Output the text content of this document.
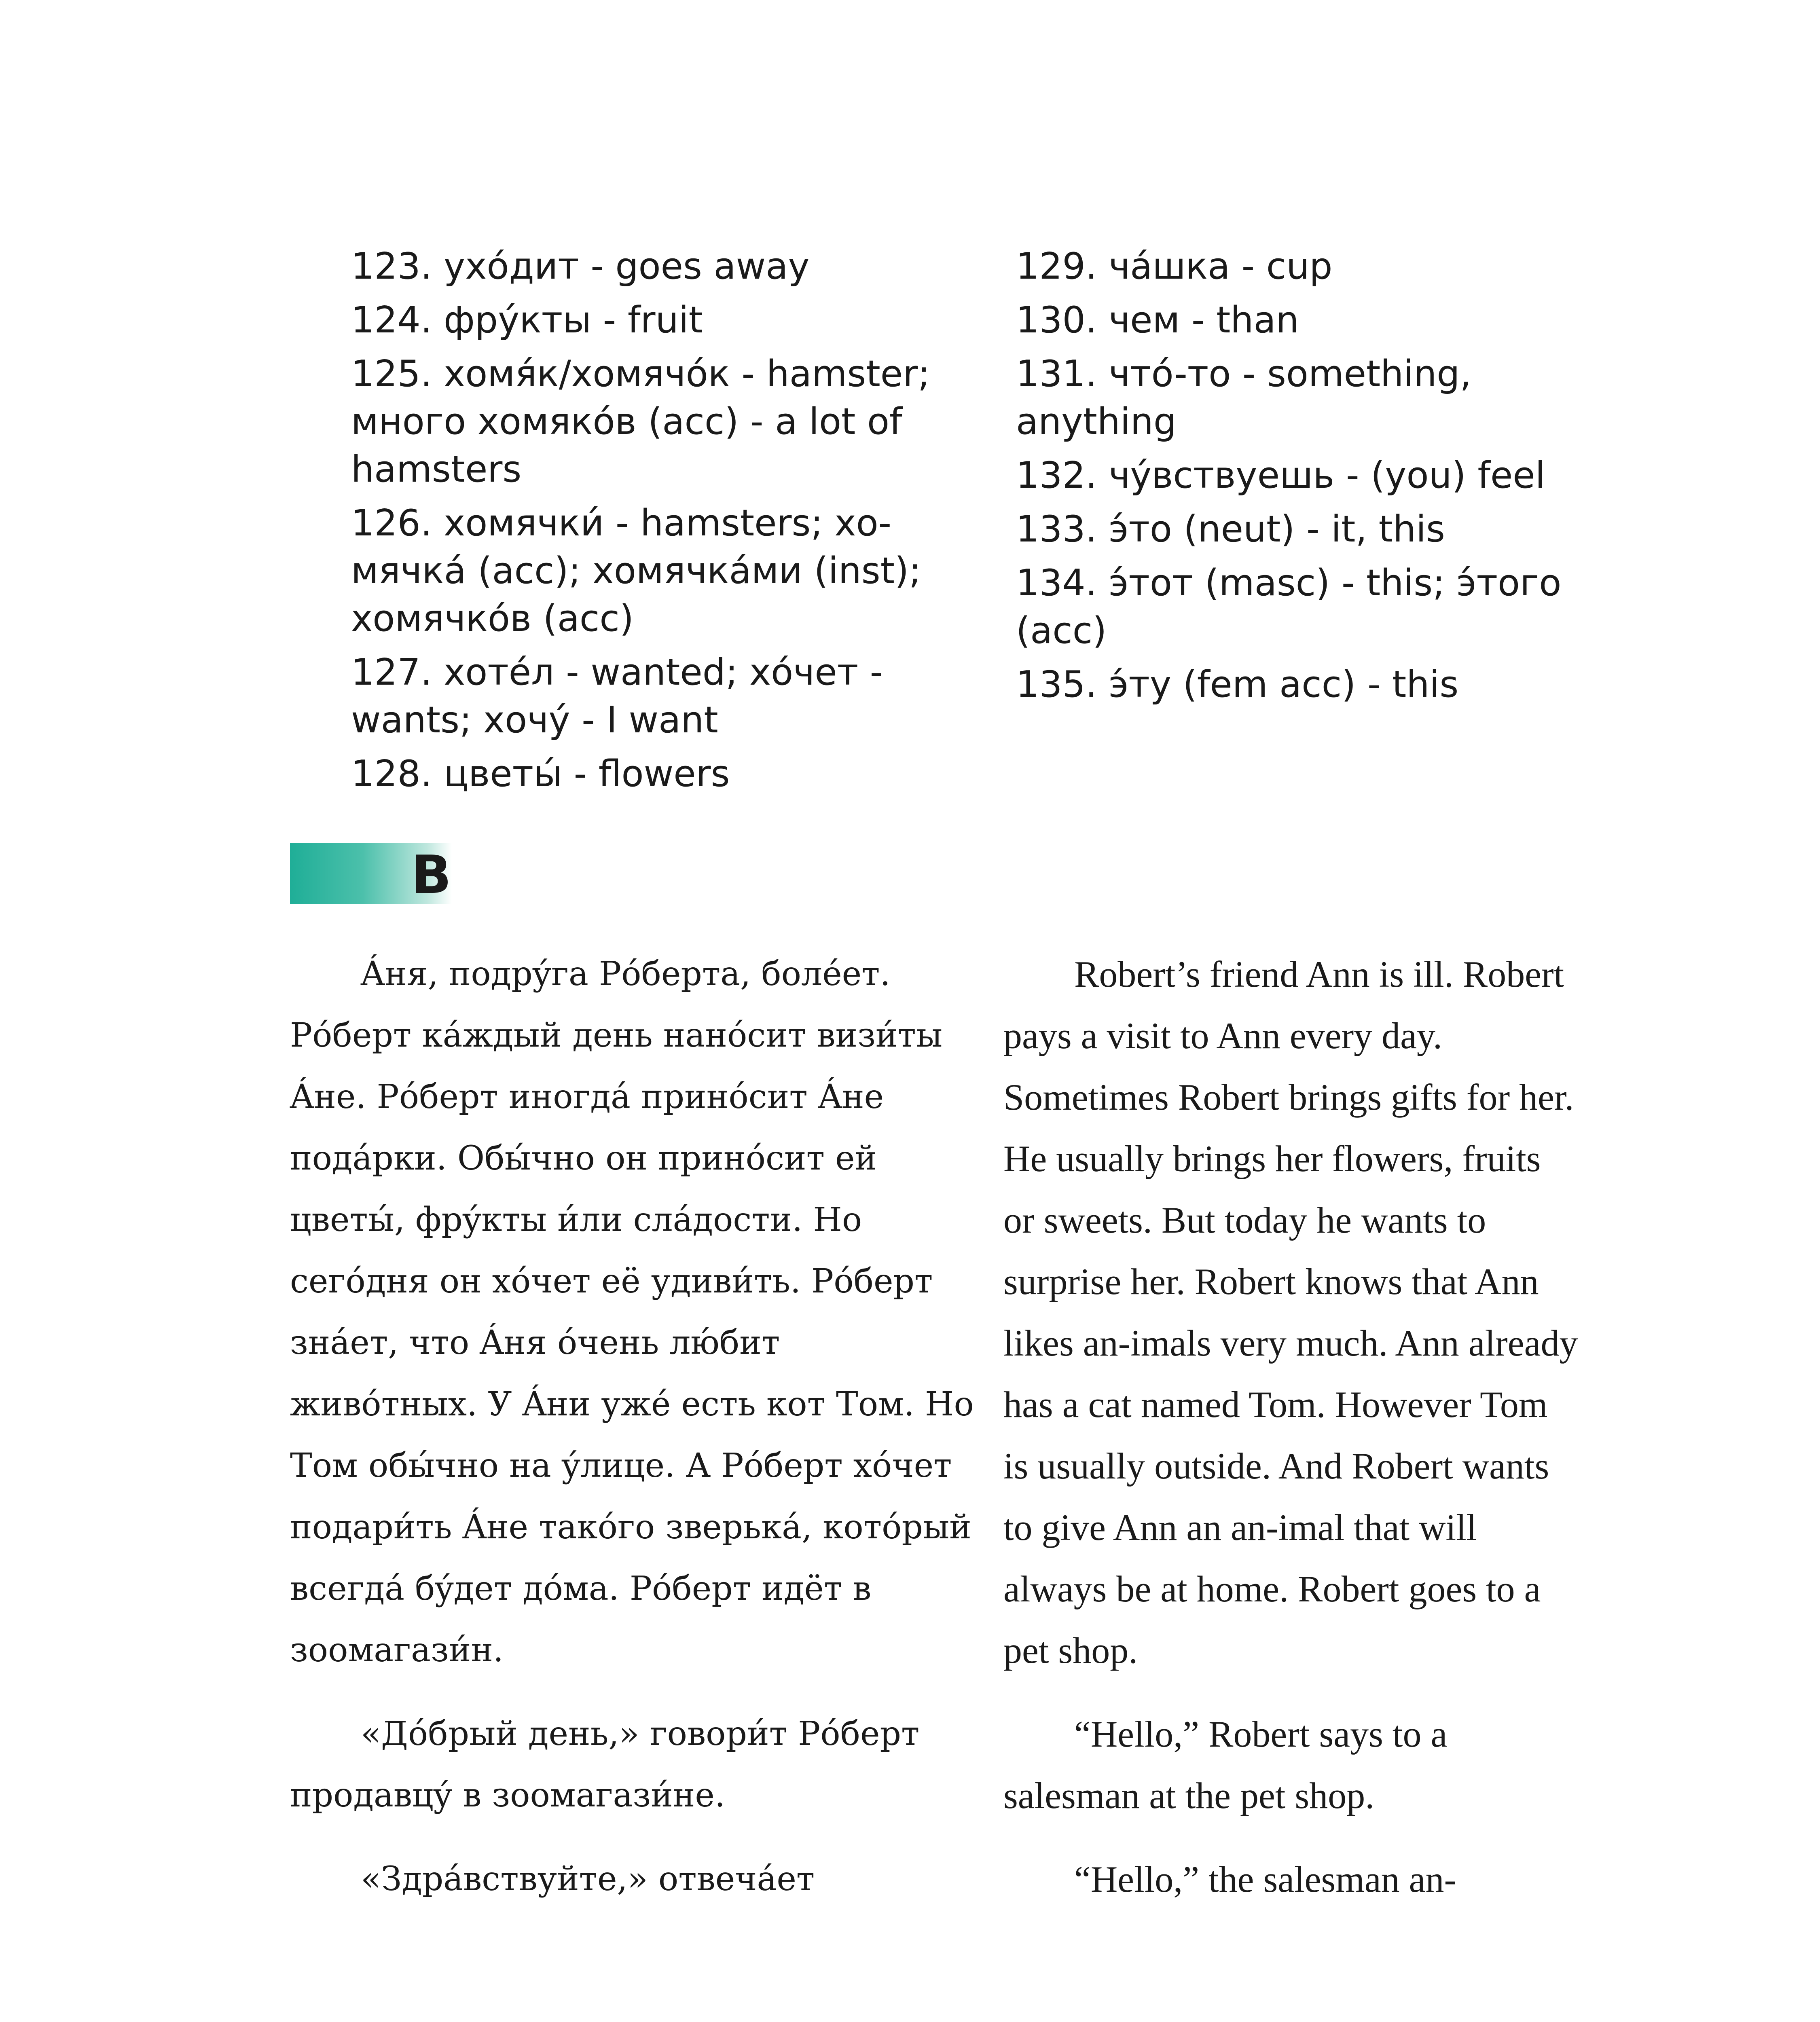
123. ухóдит - goes away
124. фрýкты - fruit
125. хомя́к/хомячóк - hamster; много хомякóв (acc) - a lot of hamsters
126. хомячки́ - hamsters; хо-мячкá (acc); хомячкáми (inst); хомячкóв (acc)
127. хотéл - wanted; хóчет - wants; хочý - I want
128. цветы́ - flowers
129. чáшка - cup
130. чем - than
131. чтó-то - something, anything
132. чýвствуешь - (you) feel
133. э́то (neut) - it, this
134. э́тот (masc) - this; э́того (acc)
135. э́ту (fem acc) - this
B

Áня, подрýга Рóберта, болéет. Рóберт кáждый день нанóсит визи́ты Áне. Рóберт иногдá принóсит Áне подáрки. Обы́чно он принóсит ей цветы́, фрýкты и́ли слáдости. Но сегóдня он хóчет её удиви́ть. Рóберт знáет, что Áня óчень лю́бит живóтных. У Áни ужé есть кот Том. Но Том обы́чно на ýлице. А Рóберт хóчет подари́ть Áне такóго зверькá, котóрый всегдá бýдет дóма. Рóберт идёт в зоомагази́н.

«Дóбрый день,» говори́т Рóберт продавцý в зоомагази́не.

«Здрáвствуйте,» отвечáет

Robert’s friend Ann is ill. Robert pays a visit to Ann every day. Sometimes Robert brings gifts for her. He usually brings her flowers, fruits or sweets. But today he wants to surprise her. Robert knows that Ann likes an-imals very much. Ann already has a cat named Tom. However Tom is usually outside. And Robert wants to give Ann an an-imal that will always be at home. Robert goes to a pet shop.

“Hello,” Robert says to a salesman at the pet shop.

“Hello,” the salesman an-
